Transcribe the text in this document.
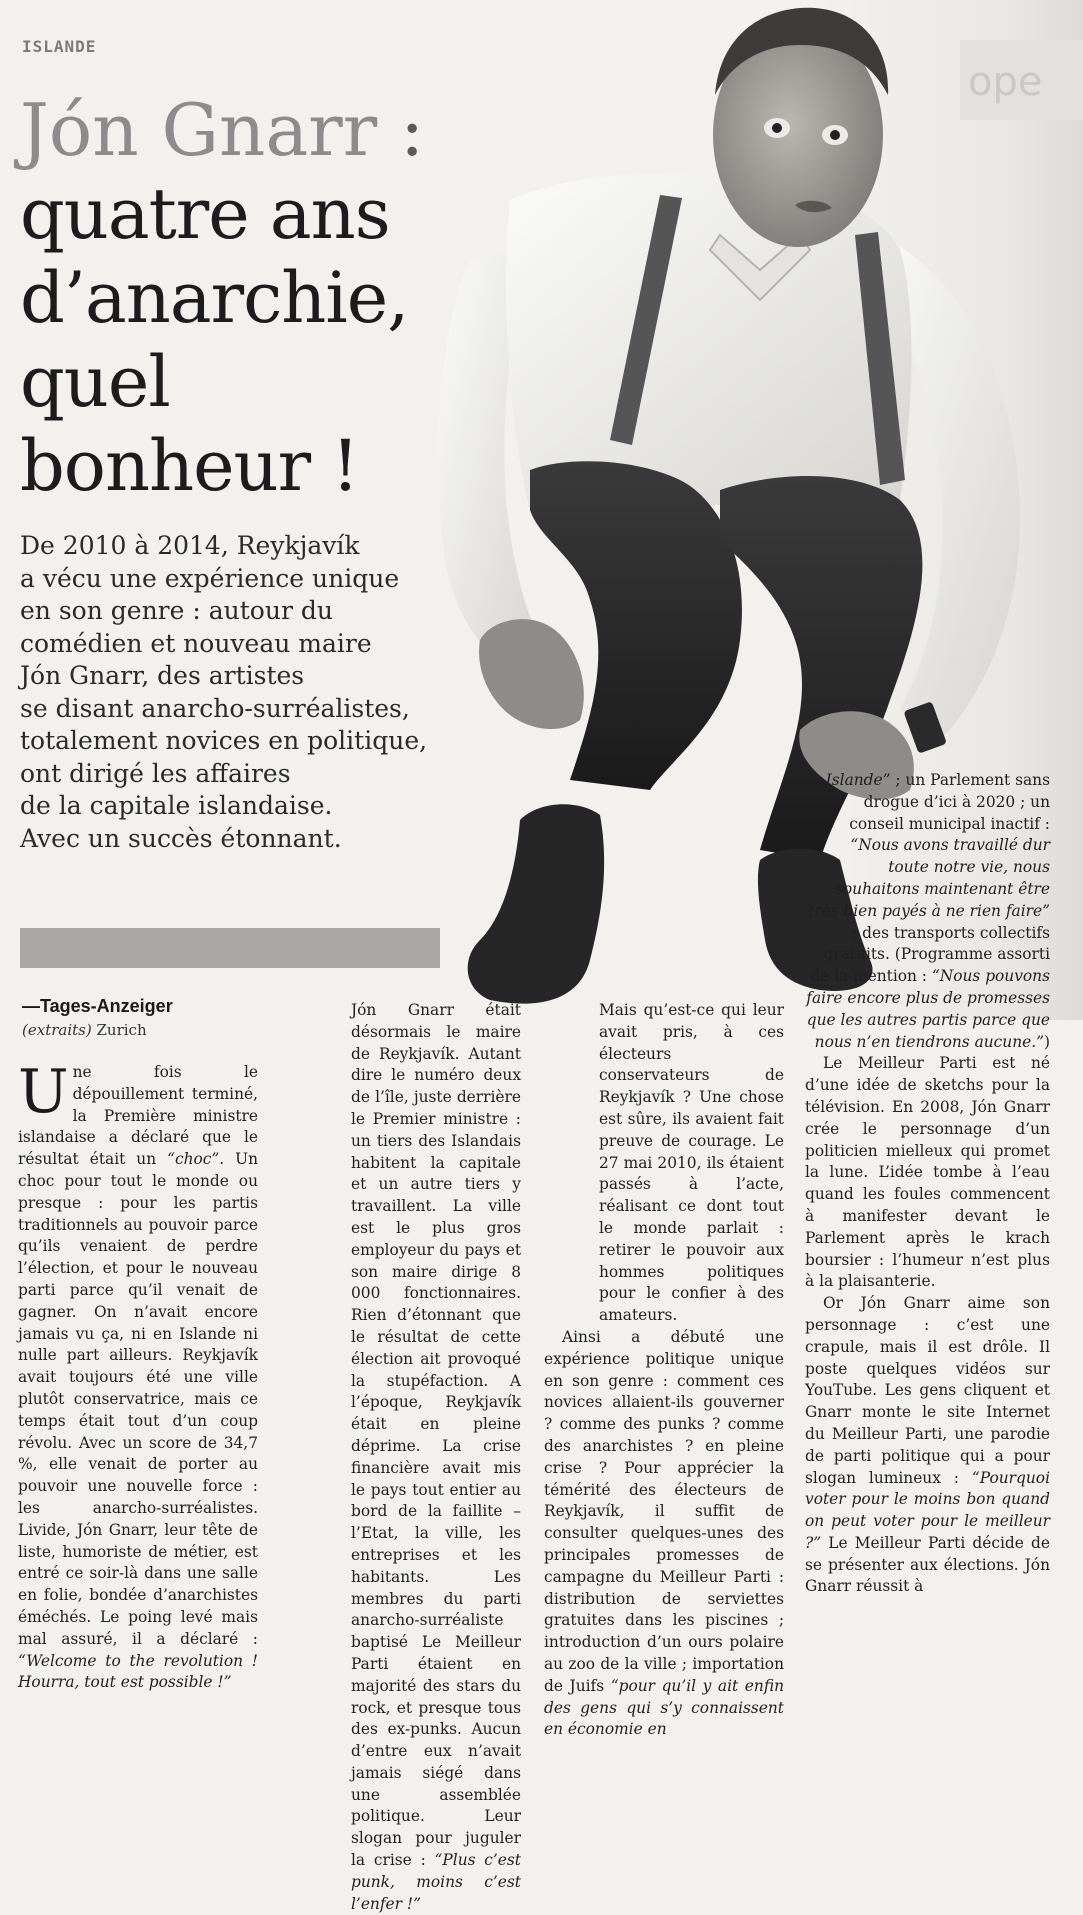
ISLANDE
Jón Gnarr :
quatre ans
d’anarchie,
quel
bonheur !
De 2010 à 2014, Reykjavík
a vécu une expérience unique
en son genre : autour du
comédien et nouveau maire
Jón Gnarr, des artistes
se disant anarcho-surréalistes,
totalement novices en politique,
ont dirigé les affaires
de la capitale islandaise.
Avec un succès étonnant.
ope
—Tages-Anzeiger
(extraits) Zurich

Une fois le dépouillement terminé, la Première ministre islandaise a déclaré que le résultat était un “choc”. Un choc pour tout le monde ou presque : pour les partis traditionnels au pouvoir parce qu’ils venaient de perdre l’élection, et pour le nouveau parti parce qu’il venait de gagner. On n’avait encore jamais vu ça, ni en Islande ni nulle part ailleurs. Reykjavík avait toujours été une ville plutôt conservatrice, mais ce temps était tout d’un coup révolu. Avec un score de 34,7 %, elle venait de porter au pouvoir une nouvelle force : les anarcho-surréalistes. Livide, Jón Gnarr, leur tête de liste, humoriste de métier, est entré ce soir-là dans une salle en folie, bondée d’anarchistes éméchés. Le poing levé mais mal assuré, il a déclaré : “Welcome to the revolution ! Hourra, tout est possible !”

Jón Gnarr était désormais le maire de Reykjavík. Autant dire le numéro deux de l’île, juste derrière le Premier ministre : un tiers des Islandais habitent la capitale et un autre tiers y travaillent. La ville est le plus gros employeur du pays et son maire dirige 8 000 fonctionnaires. Rien d’étonnant que le résultat de cette élection ait provoqué la stupéfaction. A l’époque, Reykjavík était en pleine déprime. La crise financière avait mis le pays tout entier au bord de la faillite – l’Etat, la ville, les entreprises et les habitants. Les membres du parti anarcho-surréaliste baptisé Le Meilleur Parti étaient en majorité des stars du rock, et presque tous des ex-punks. Aucun d’entre eux n’avait jamais siégé dans une assemblée politique. Leur slogan pour juguler la crise : “Plus c’est punk, moins c’est l’enfer !”

Mais qu’est-ce qui leur avait pris, à ces électeurs conservateurs de Reykjavík ? Une chose est sûre, ils avaient fait preuve de courage. Le 27 mai 2010, ils étaient passés à l’acte, réalisant ce dont tout le monde parlait : retirer le pouvoir aux hommes politiques pour le confier à des amateurs.

Ainsi a débuté une expérience politique unique en son genre : comment ces novices allaient-ils gouverner ? comme des punks ? comme des anarchistes ? en pleine crise ? Pour apprécier la témérité des électeurs de Reykjavík, il suffit de consulter quelques-unes des principales promesses de campagne du Meilleur Parti : distribution de serviettes gratuites dans les piscines ; introduction d’un ours polaire au zoo de la ville ; importation de Juifs “pour qu’il y ait enfin des gens qui s’y connaissent en économie en

Islande” ; un Parlement sans drogue d’ici à 2020 ; un conseil municipal inactif : “Nous avons travaillé dur toute notre vie, nous souhaitons maintenant être très bien payés à ne rien faire” ; des transports collectifs gratuits. (Programme assorti de la mention : “Nous pouvons faire encore plus de promesses que les autres partis parce que nous n’en tiendrons aucune.”)

Le Meilleur Parti est né d’une idée de sketchs pour la télévision. En 2008, Jón Gnarr crée le personnage d’un politicien mielleux qui promet la lune. L’idée tombe à l’eau quand les foules commencent à manifester devant le Parlement après le krach boursier : l’humeur n’est plus à la plaisanterie.

Or Jón Gnarr aime son personnage : c’est une crapule, mais il est drôle. Il poste quelques vidéos sur YouTube. Les gens cliquent et Gnarr monte le site Internet du Meilleur Parti, une parodie de parti politique qui a pour slogan lumineux : “Pourquoi voter pour le moins bon quand on peut voter pour le meilleur ?” Le Meilleur Parti décide de se présenter aux élections. Jón Gnarr réussit à
